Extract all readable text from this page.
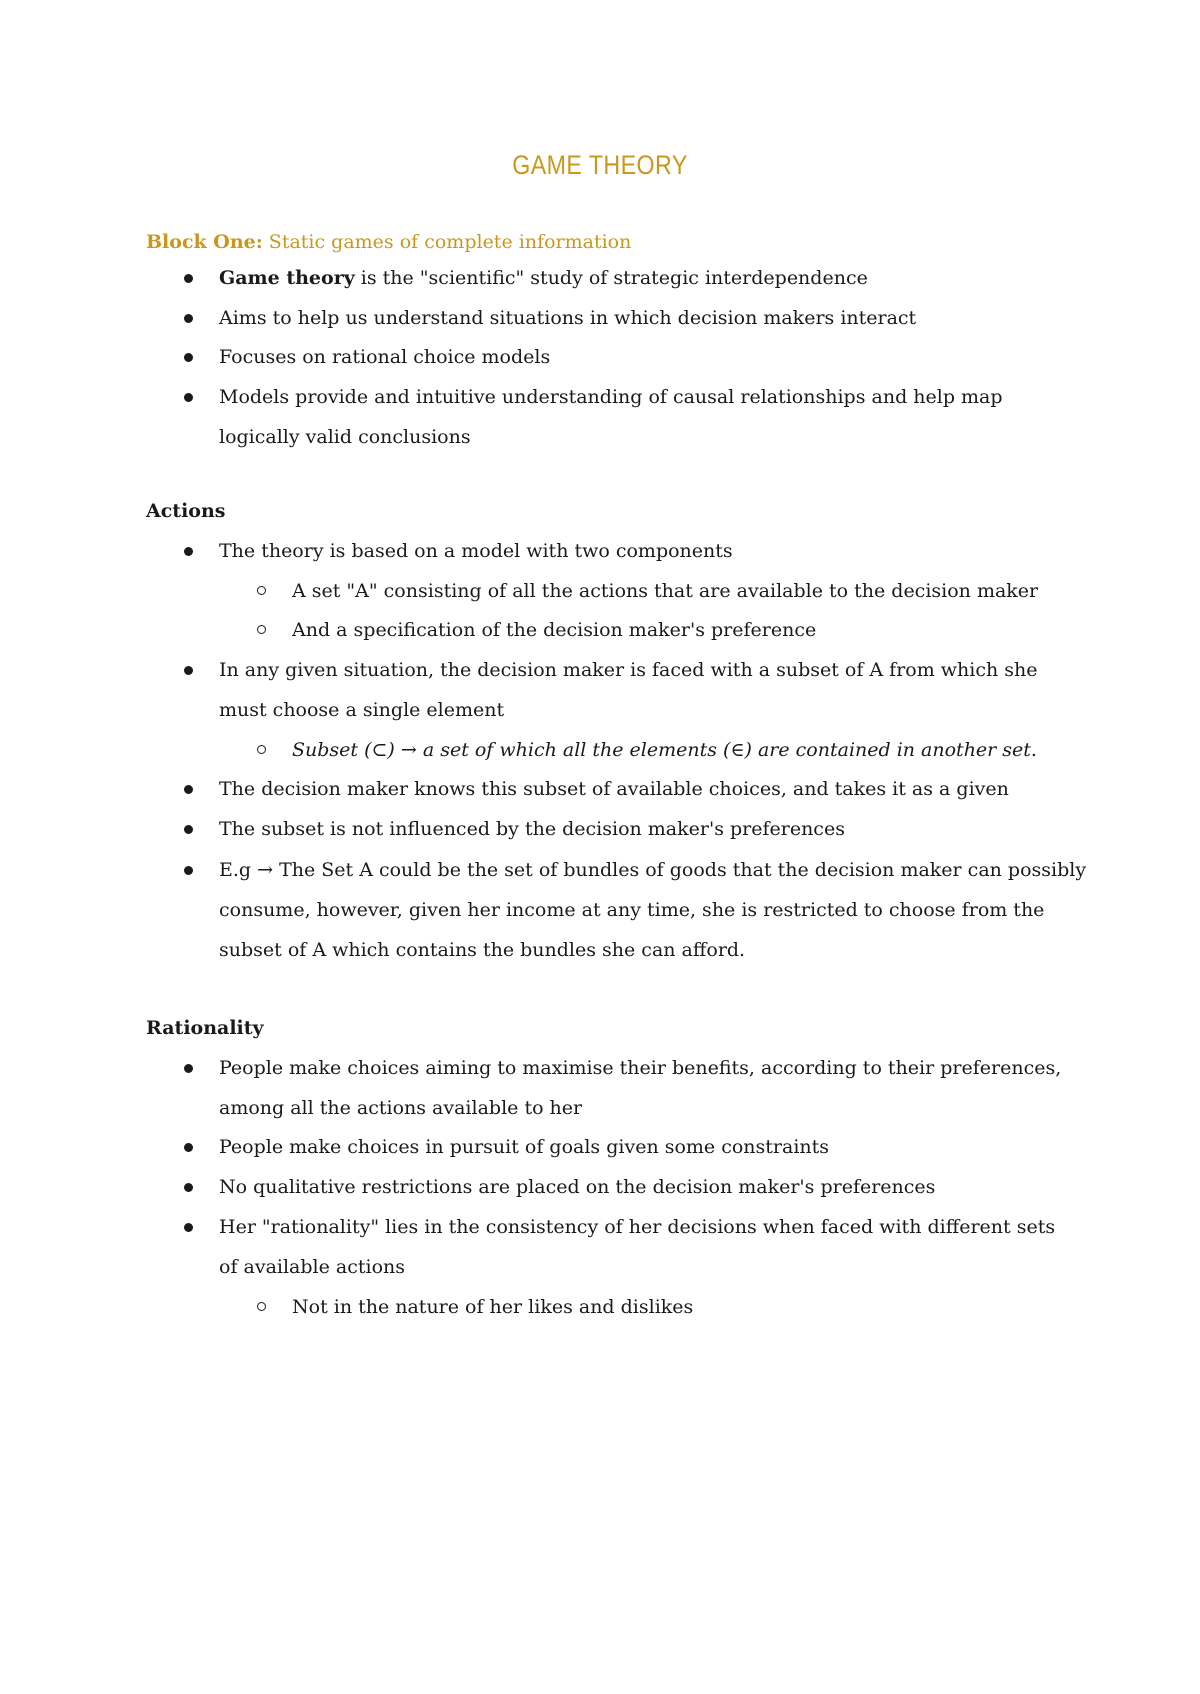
GAME THEORY
Block One: Static games of complete information
Game theory is the "scientific" study of strategic interdependence
Aims to help us understand situations in which decision makers interact
Focuses on rational choice models
Models provide and intuitive understanding of causal relationships and help map
logically valid conclusions
Actions
The theory is based on a model with two components
A set "A" consisting of all the actions that are available to the decision maker
And a specification of the decision maker's preference
In any given situation, the decision maker is faced with a subset of A from which she
must choose a single element
Subset (⊂) → a set of which all the elements (∈) are contained in another set.
The decision maker knows this subset of available choices, and takes it as a given
The subset is not influenced by the decision maker's preferences
E.g → The Set A could be the set of bundles of goods that the decision maker can possibly
consume, however, given her income at any time, she is restricted to choose from the
subset of A which contains the bundles she can afford.
Rationality
People make choices aiming to maximise their benefits, according to their preferences,
among all the actions available to her
People make choices in pursuit of goals given some constraints
No qualitative restrictions are placed on the decision maker's preferences
Her "rationality" lies in the consistency of her decisions when faced with different sets
of available actions
Not in the nature of her likes and dislikes
